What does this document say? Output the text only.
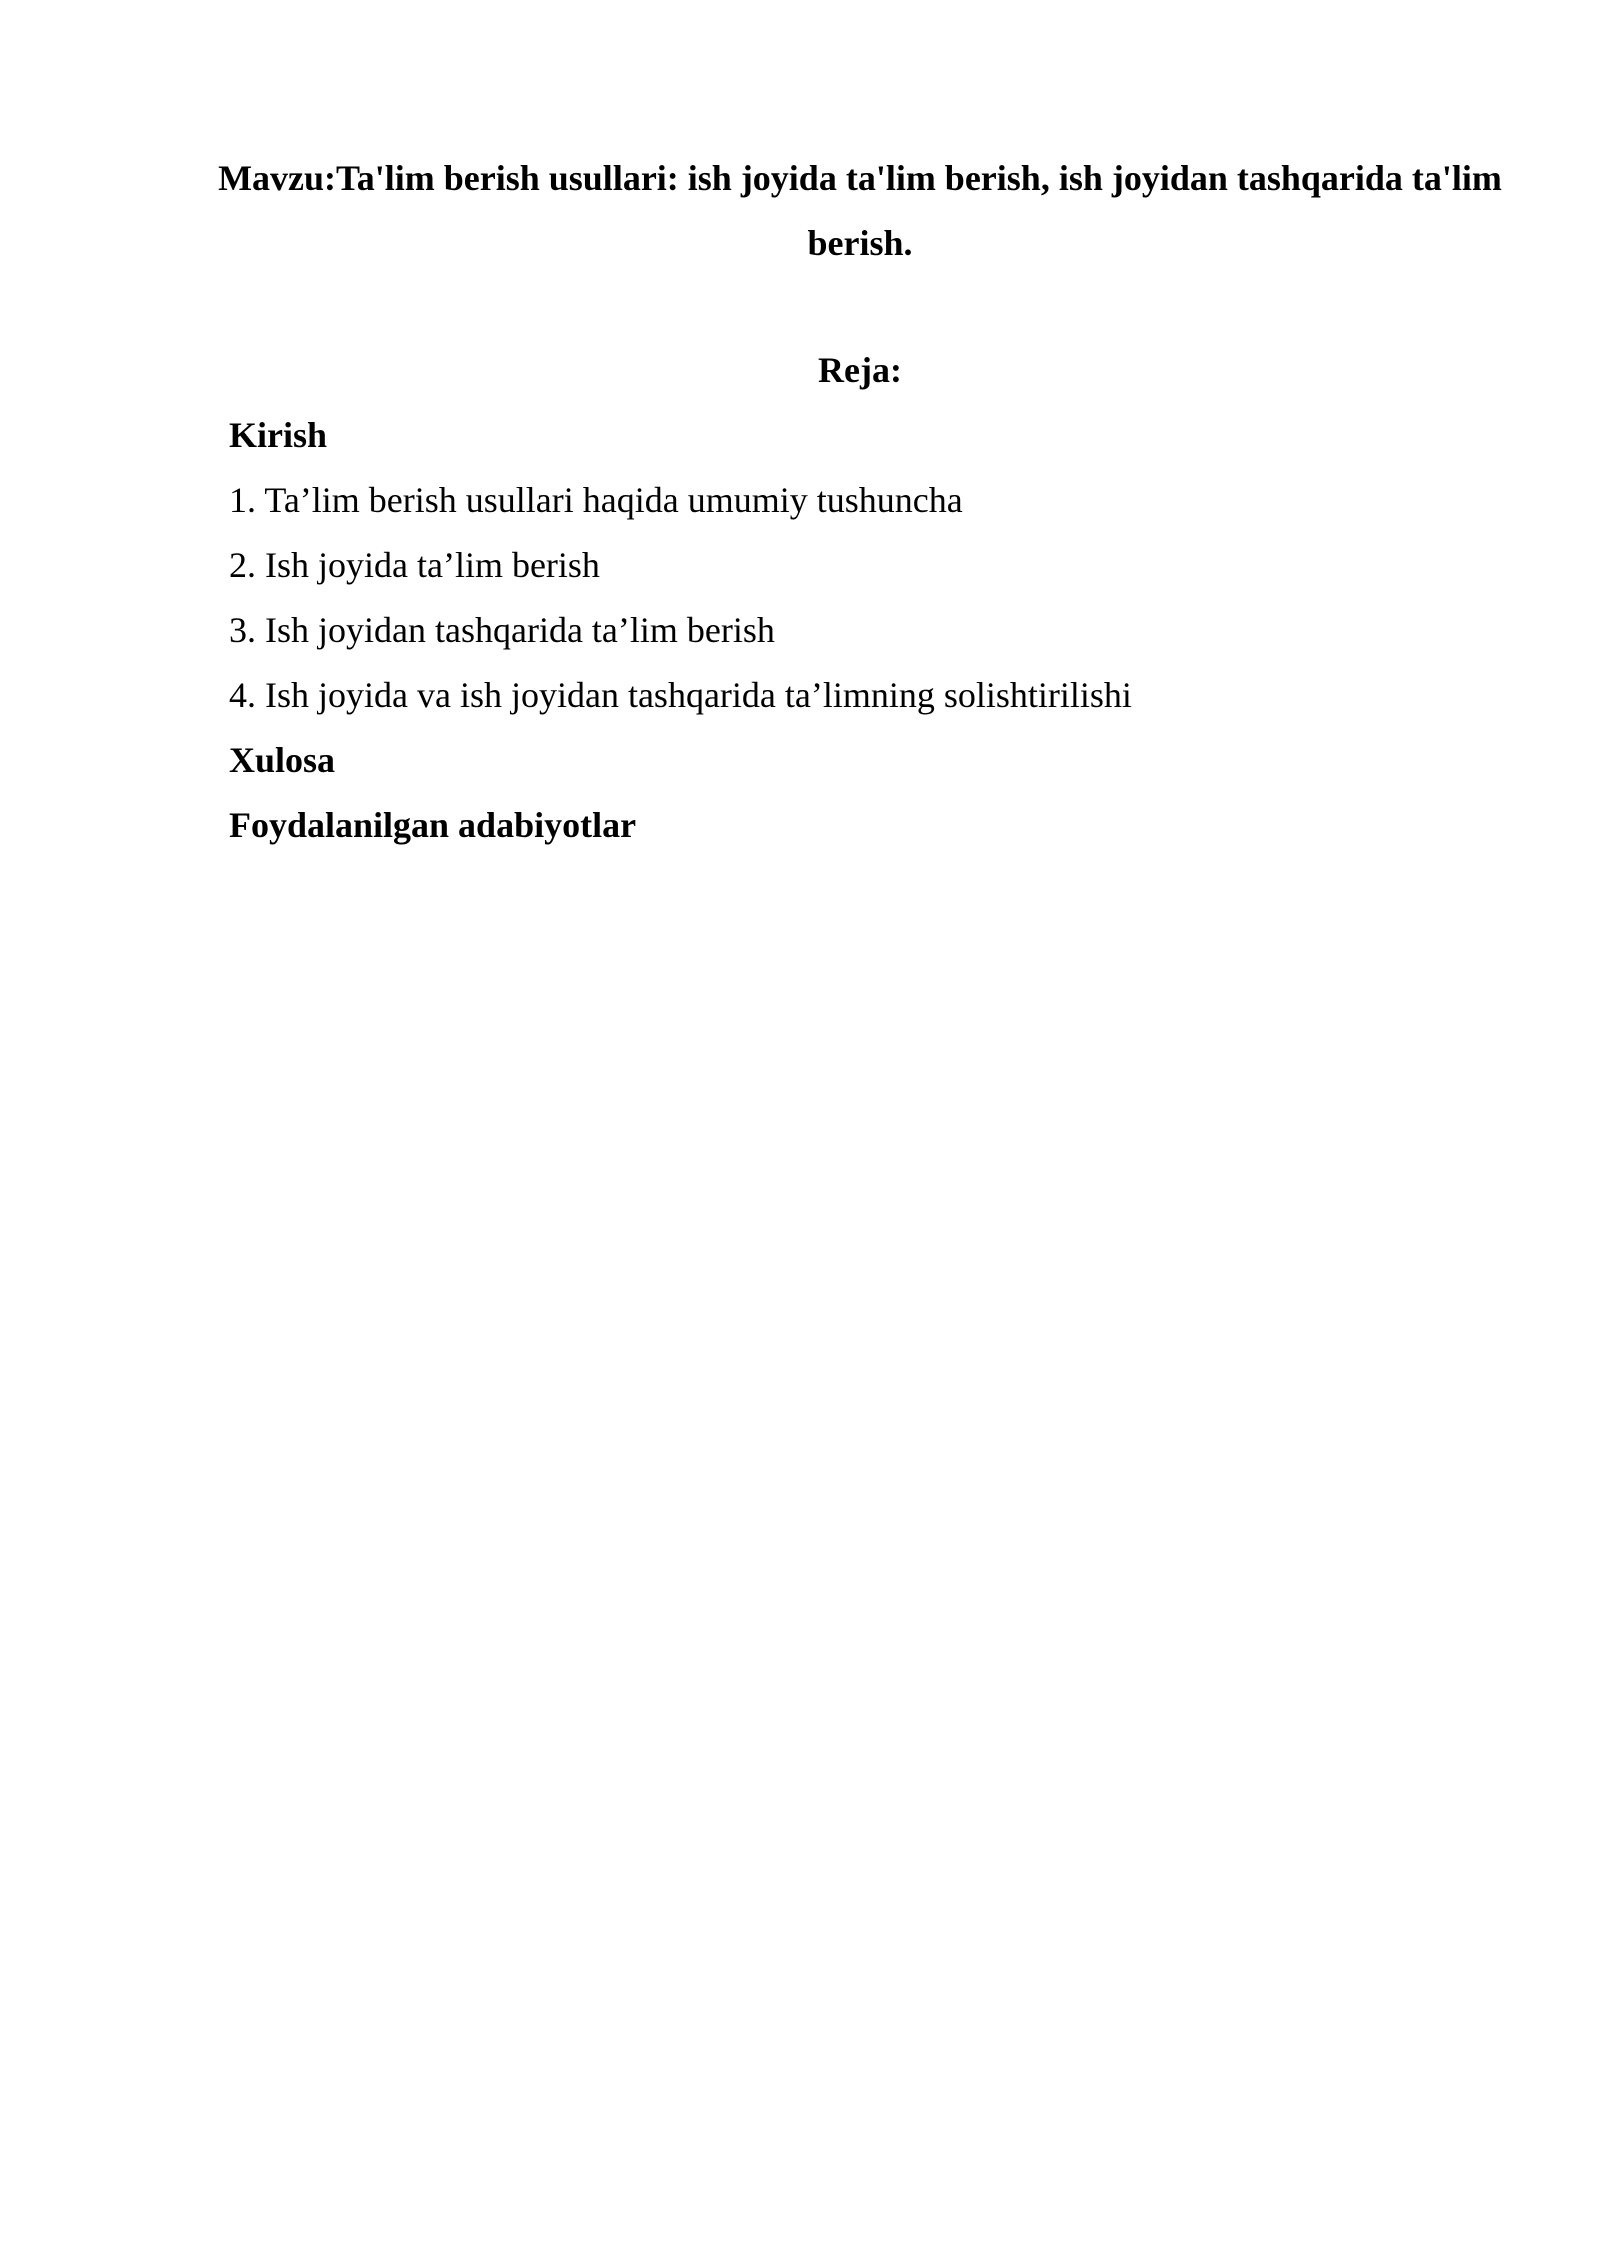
Mavzu:Ta'lim berish usullari: ish joyida ta'lim berish, ish joyidan tashqarida ta'lim berish.
Reja:
Kirish
1. Ta’lim berish usullari haqida umumiy tushuncha
2. Ish joyida ta’lim berish
3. Ish joyidan tashqarida ta’lim berish
4. Ish joyida va ish joyidan tashqarida ta’limning solishtirilishi
Xulosa
Foydalanilgan adabiyotlar
